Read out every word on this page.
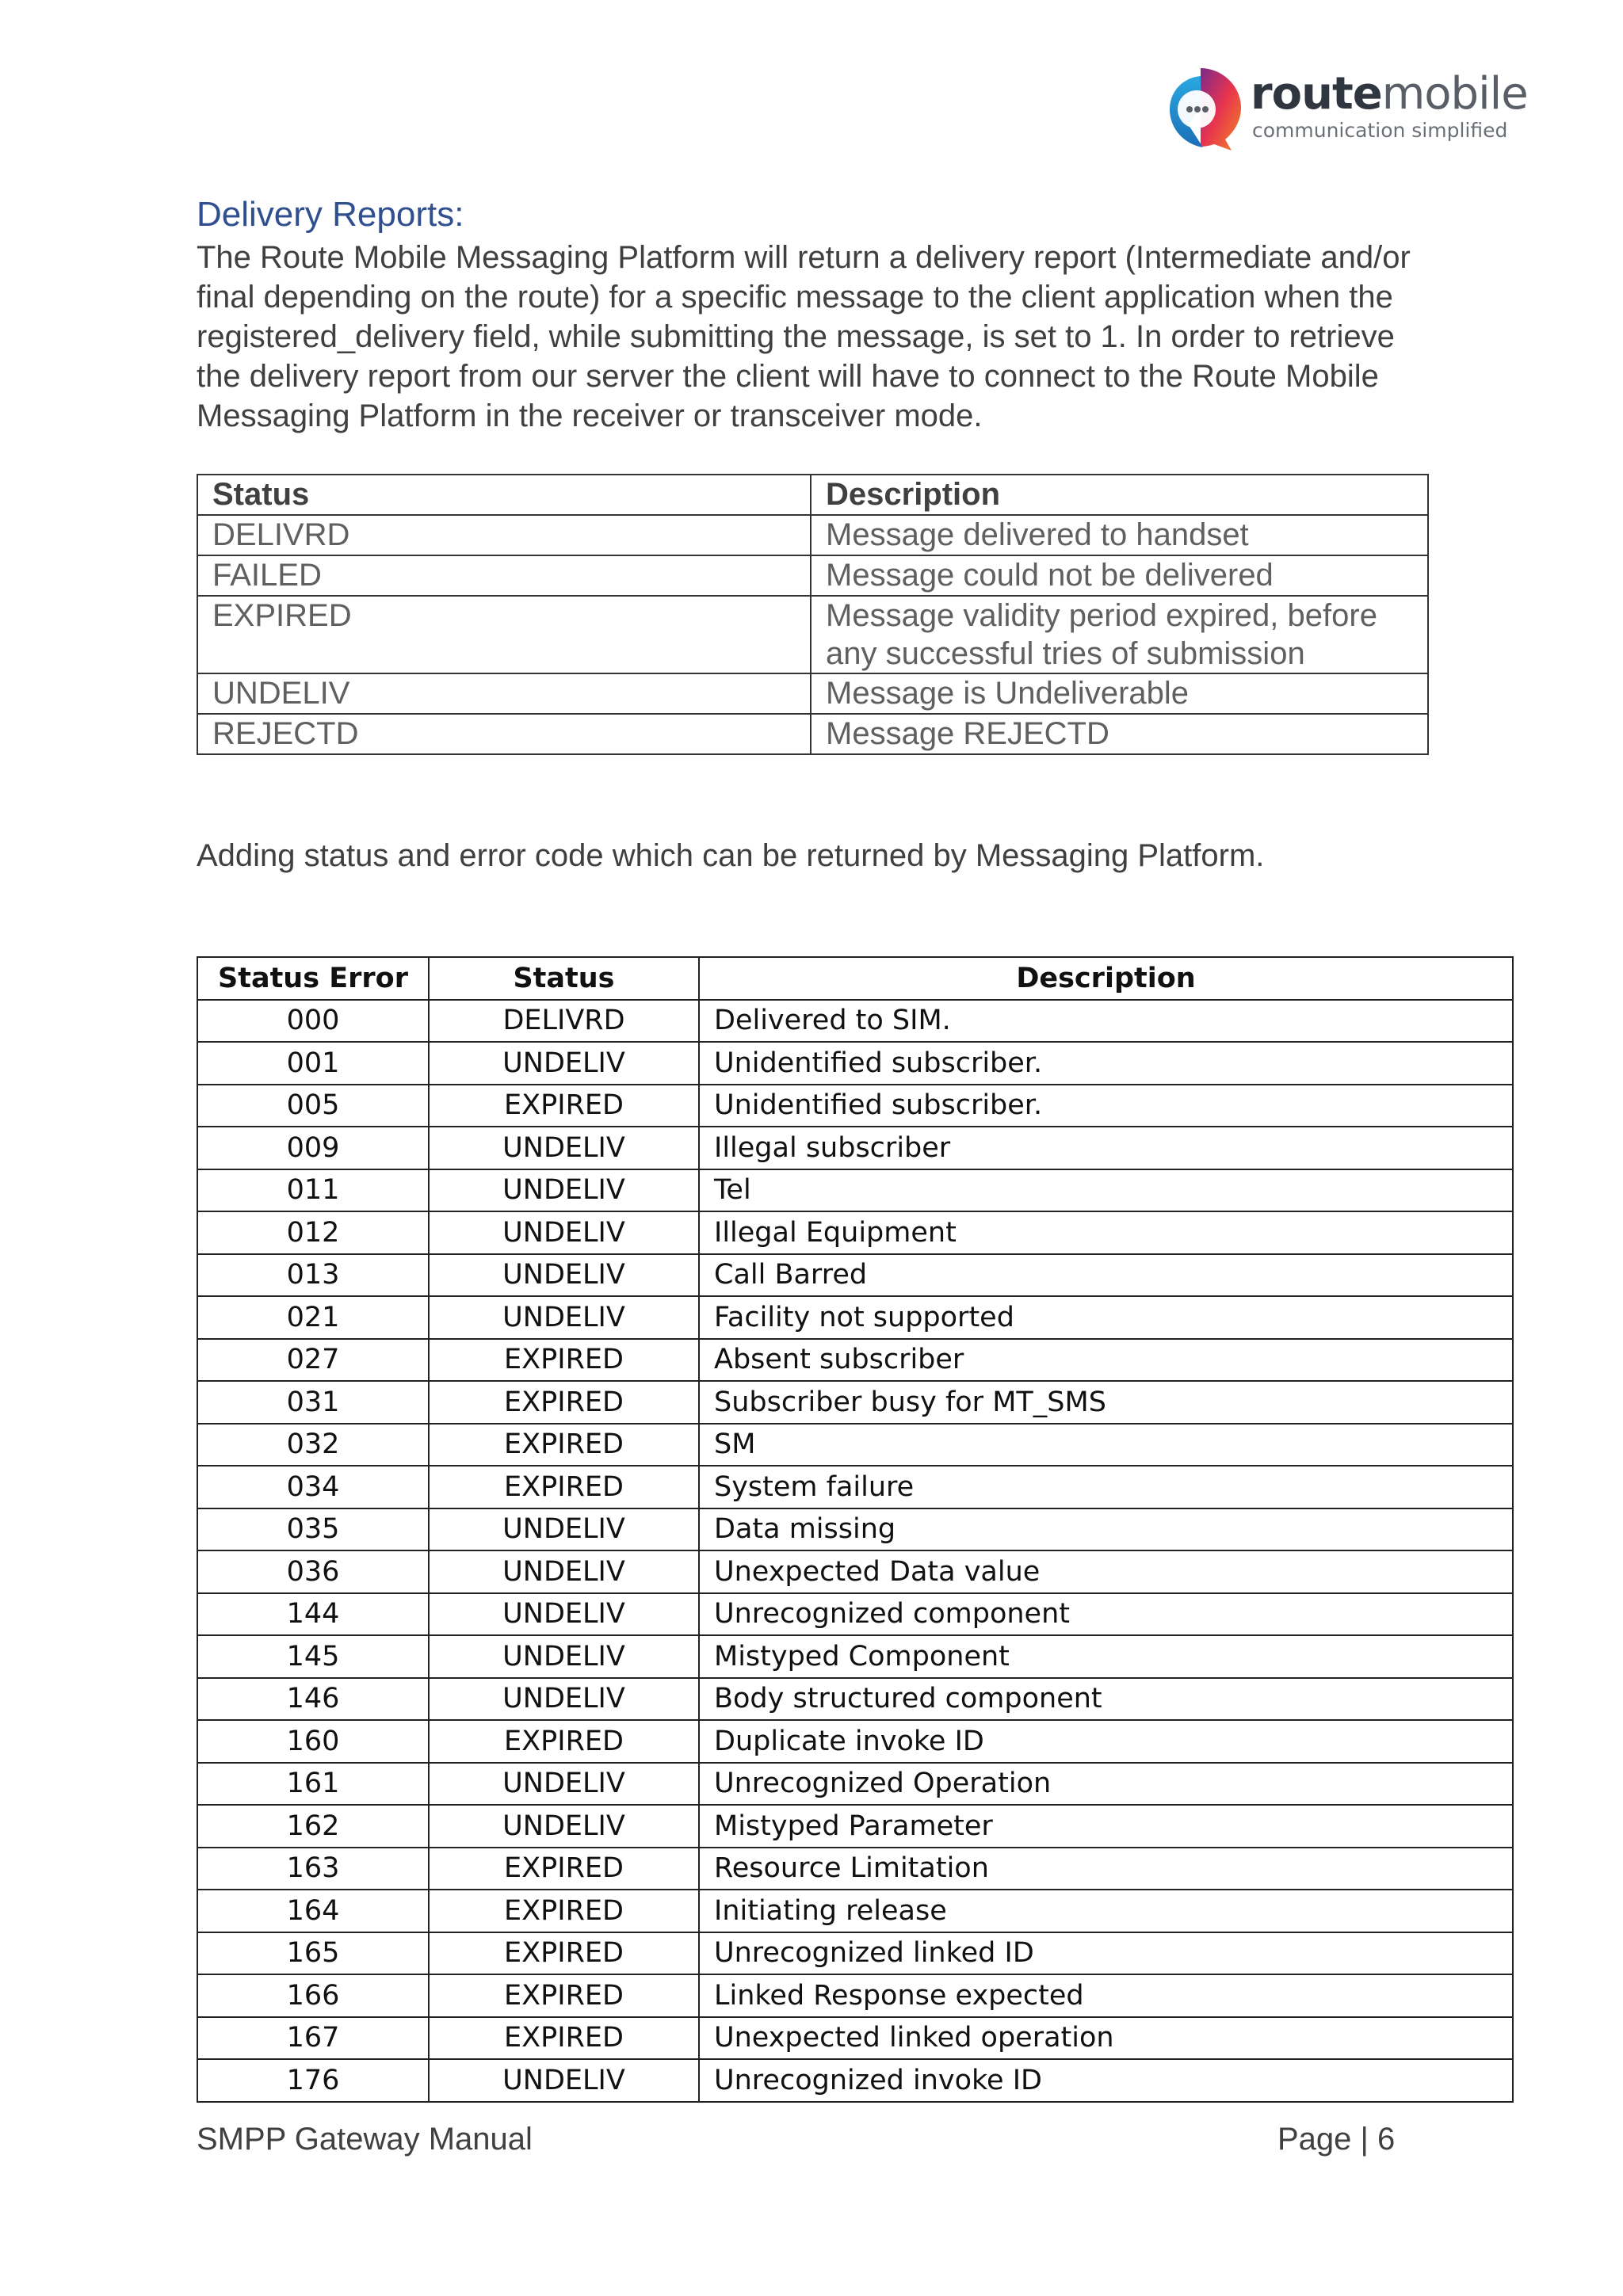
routemobile
communication simplified
Delivery Reports:

The Route Mobile Messaging Platform will return a delivery report (Intermediate and/or final depending on the route) for a specific message to the client application when the registered_delivery field, while submitting the message, is set to 1. In order to retrieve the delivery report from our server the client will have to connect to the Route Mobile Messaging Platform in the receiver or transceiver mode.

Status	Description
DELIVRD	Message delivered to handset
FAILED	Message could not be delivered
EXPIRED	Message validity period expired, before any successful tries of submission
UNDELIV	Message is Undeliverable
REJECTD	Message REJECTD

Adding status and error code which can be returned by Messaging Platform.

Status Error	Status	Description
000	DELIVRD	Delivered to SIM.
001	UNDELIV	Unidentified subscriber.
005	EXPIRED	Unidentified subscriber.
009	UNDELIV	Illegal subscriber
011	UNDELIV	Tel
012	UNDELIV	Illegal Equipment
013	UNDELIV	Call Barred
021	UNDELIV	Facility not supported
027	EXPIRED	Absent subscriber
031	EXPIRED	Subscriber busy for MT_SMS
032	EXPIRED	SM
034	EXPIRED	System failure
035	UNDELIV	Data missing
036	UNDELIV	Unexpected Data value
144	UNDELIV	Unrecognized component
145	UNDELIV	Mistyped Component
146	UNDELIV	Body structured component
160	EXPIRED	Duplicate invoke ID
161	UNDELIV	Unrecognized Operation
162	UNDELIV	Mistyped Parameter
163	EXPIRED	Resource Limitation
164	EXPIRED	Initiating release
165	EXPIRED	Unrecognized linked ID
166	EXPIRED	Linked Response expected
167	EXPIRED	Unexpected linked operation
176	UNDELIV	Unrecognized invoke ID
SMPP Gateway Manual	Page | 6
